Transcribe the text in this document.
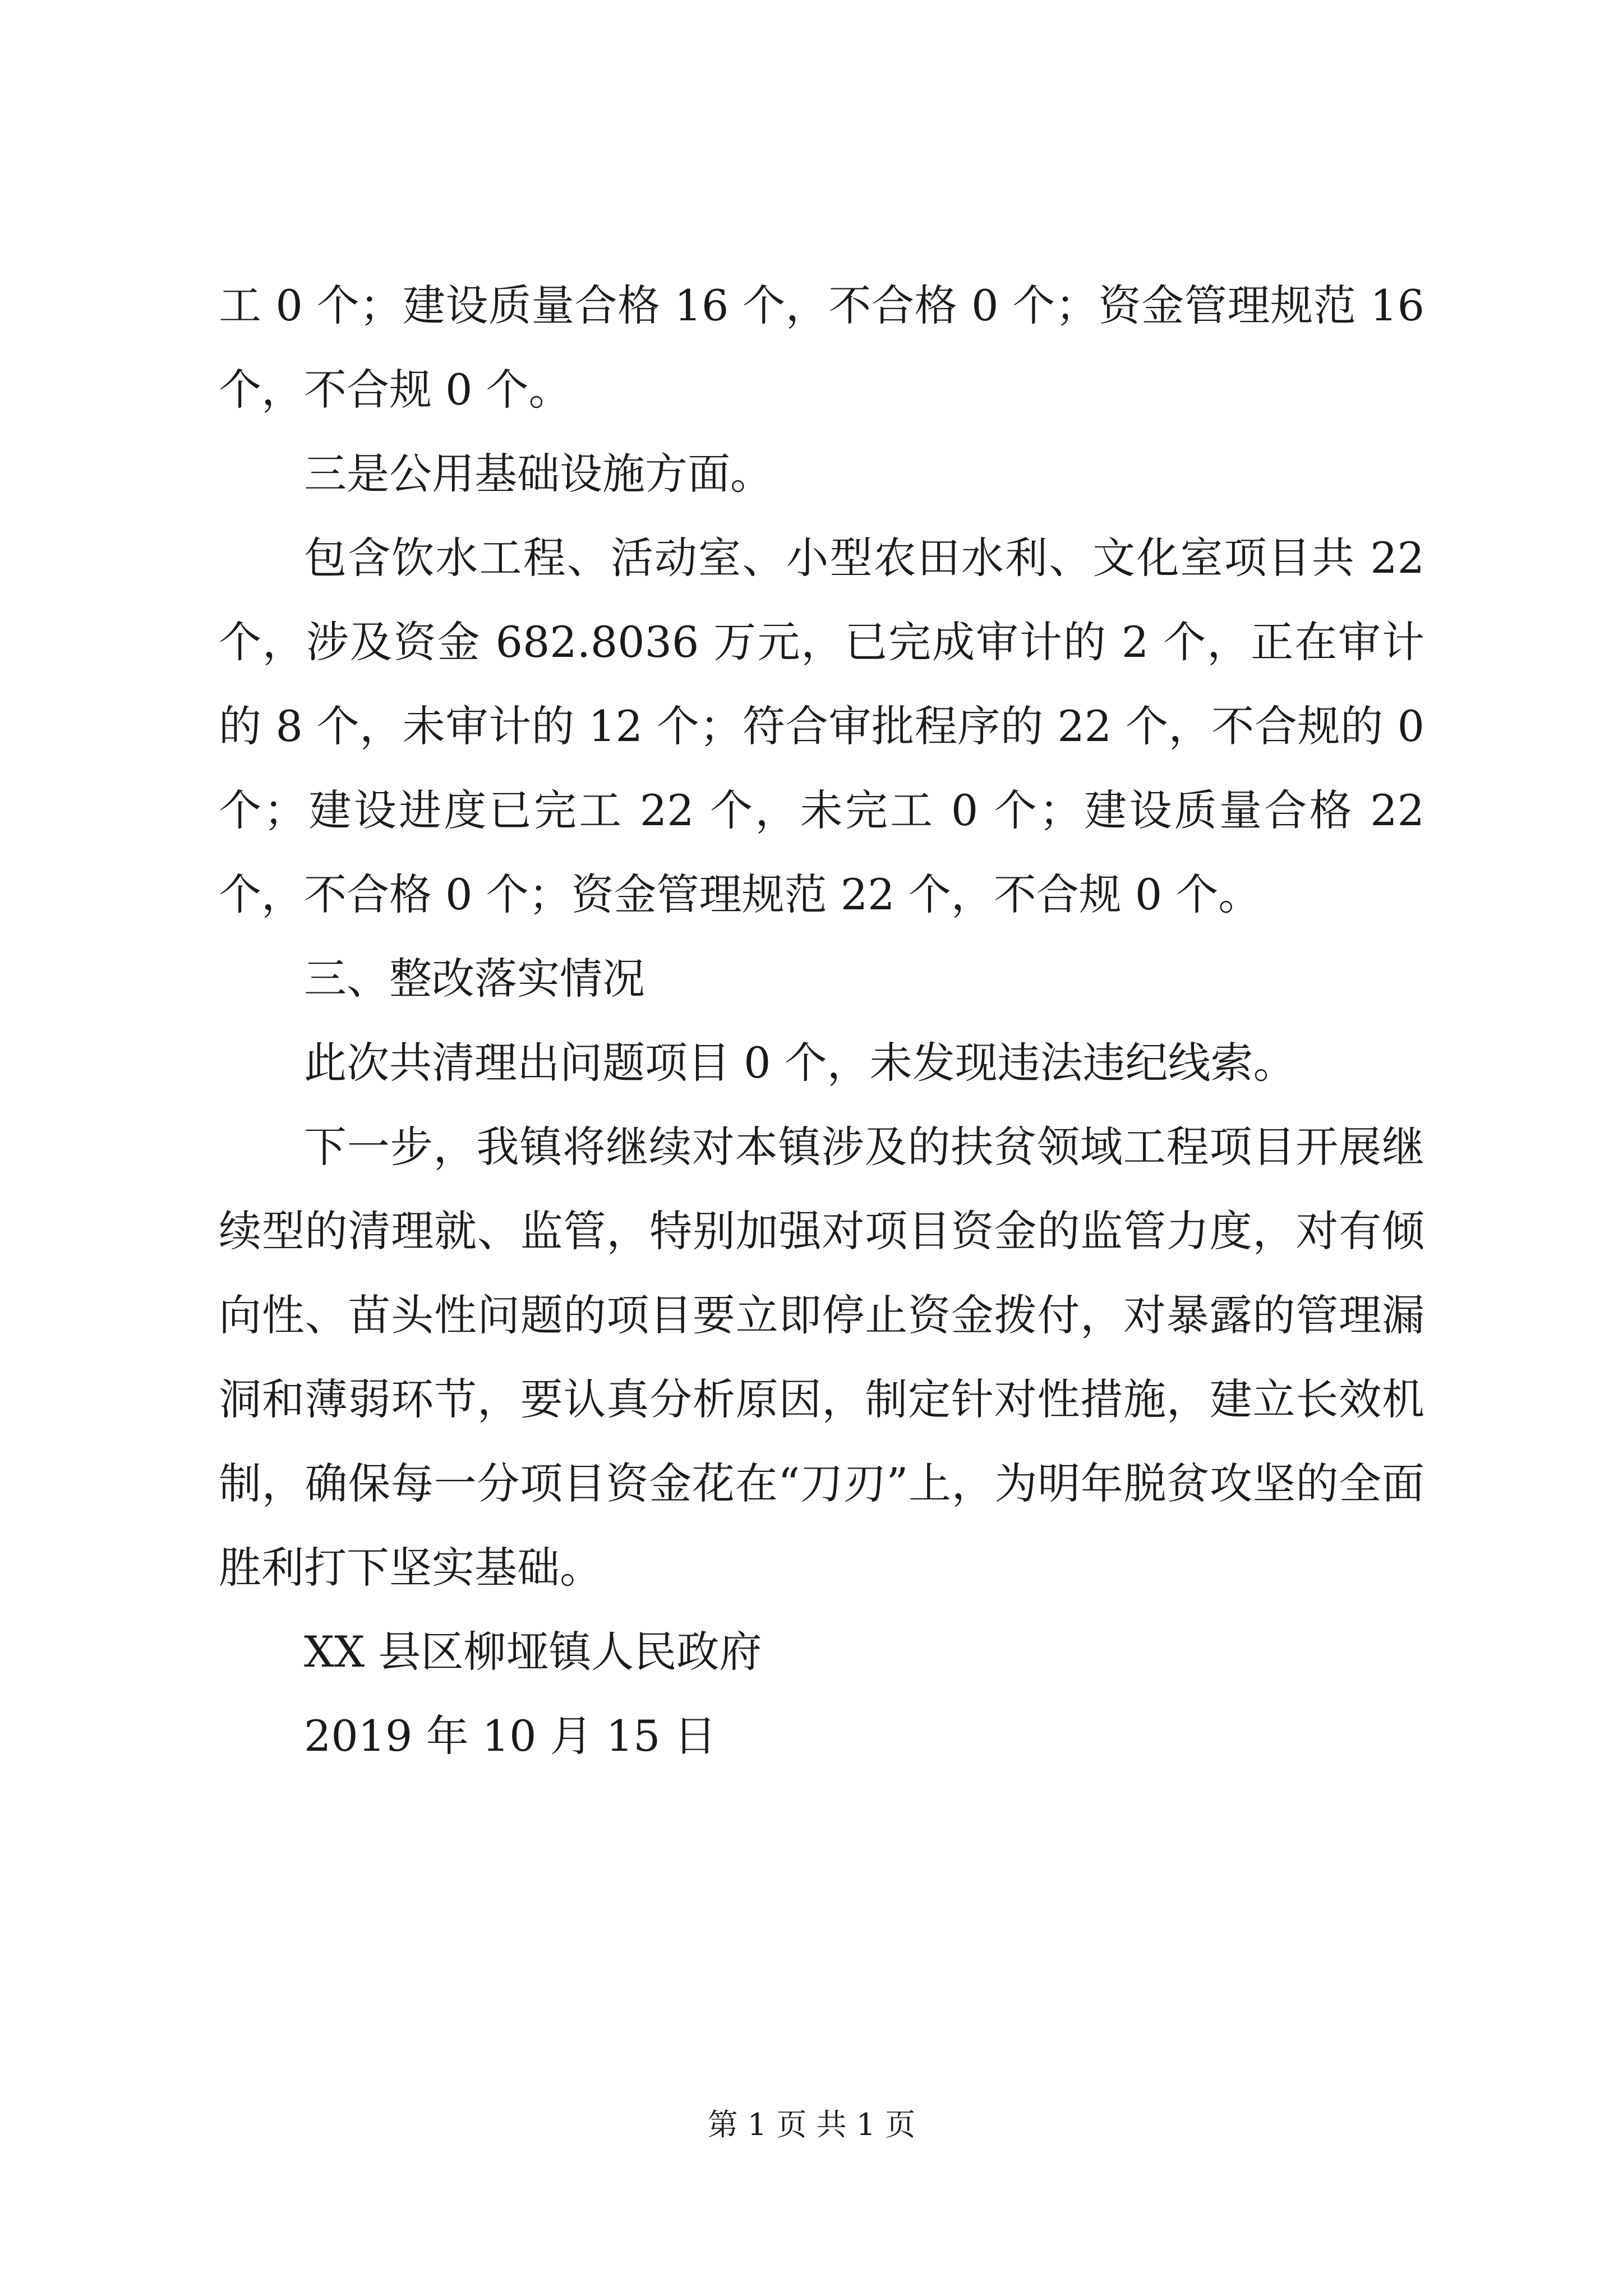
工 0 个；建设质量合格 16 个，不合格 0 个；资金管理规范 16 个，不合规 0 个。

三是公用基础设施方面。

包含饮水工程、活动室、小型农田水利、文化室项目共 22 个，涉及资金 682.8036 万元，已完成审计的 2 个，正在审计的 8 个，未审计的 12 个；符合审批程序的 22 个，不合规的 0 个；建设进度已完工 22 个，未完工 0 个；建设质量合格 22 个，不合格 0 个；资金管理规范 22 个，不合规 0 个。

三、整改落实情况

此次共清理出问题项目 0 个，未发现违法违纪线索。

下一步，我镇将继续对本镇涉及的扶贫领域工程项目开展继续型的清理就、监管，特别加强对项目资金的监管力度，对有倾向性、苗头性问题的项目要立即停止资金拨付，对暴露的管理漏洞和薄弱环节，要认真分析原因，制定针对性措施，建立长效机制，确保每一分项目资金花在“刀刃”上，为明年脱贫攻坚的全面胜利打下坚实基础。

XX 县区柳垭镇人民政府

2019 年 10 月 15 日

第 1 页 共 1 页
